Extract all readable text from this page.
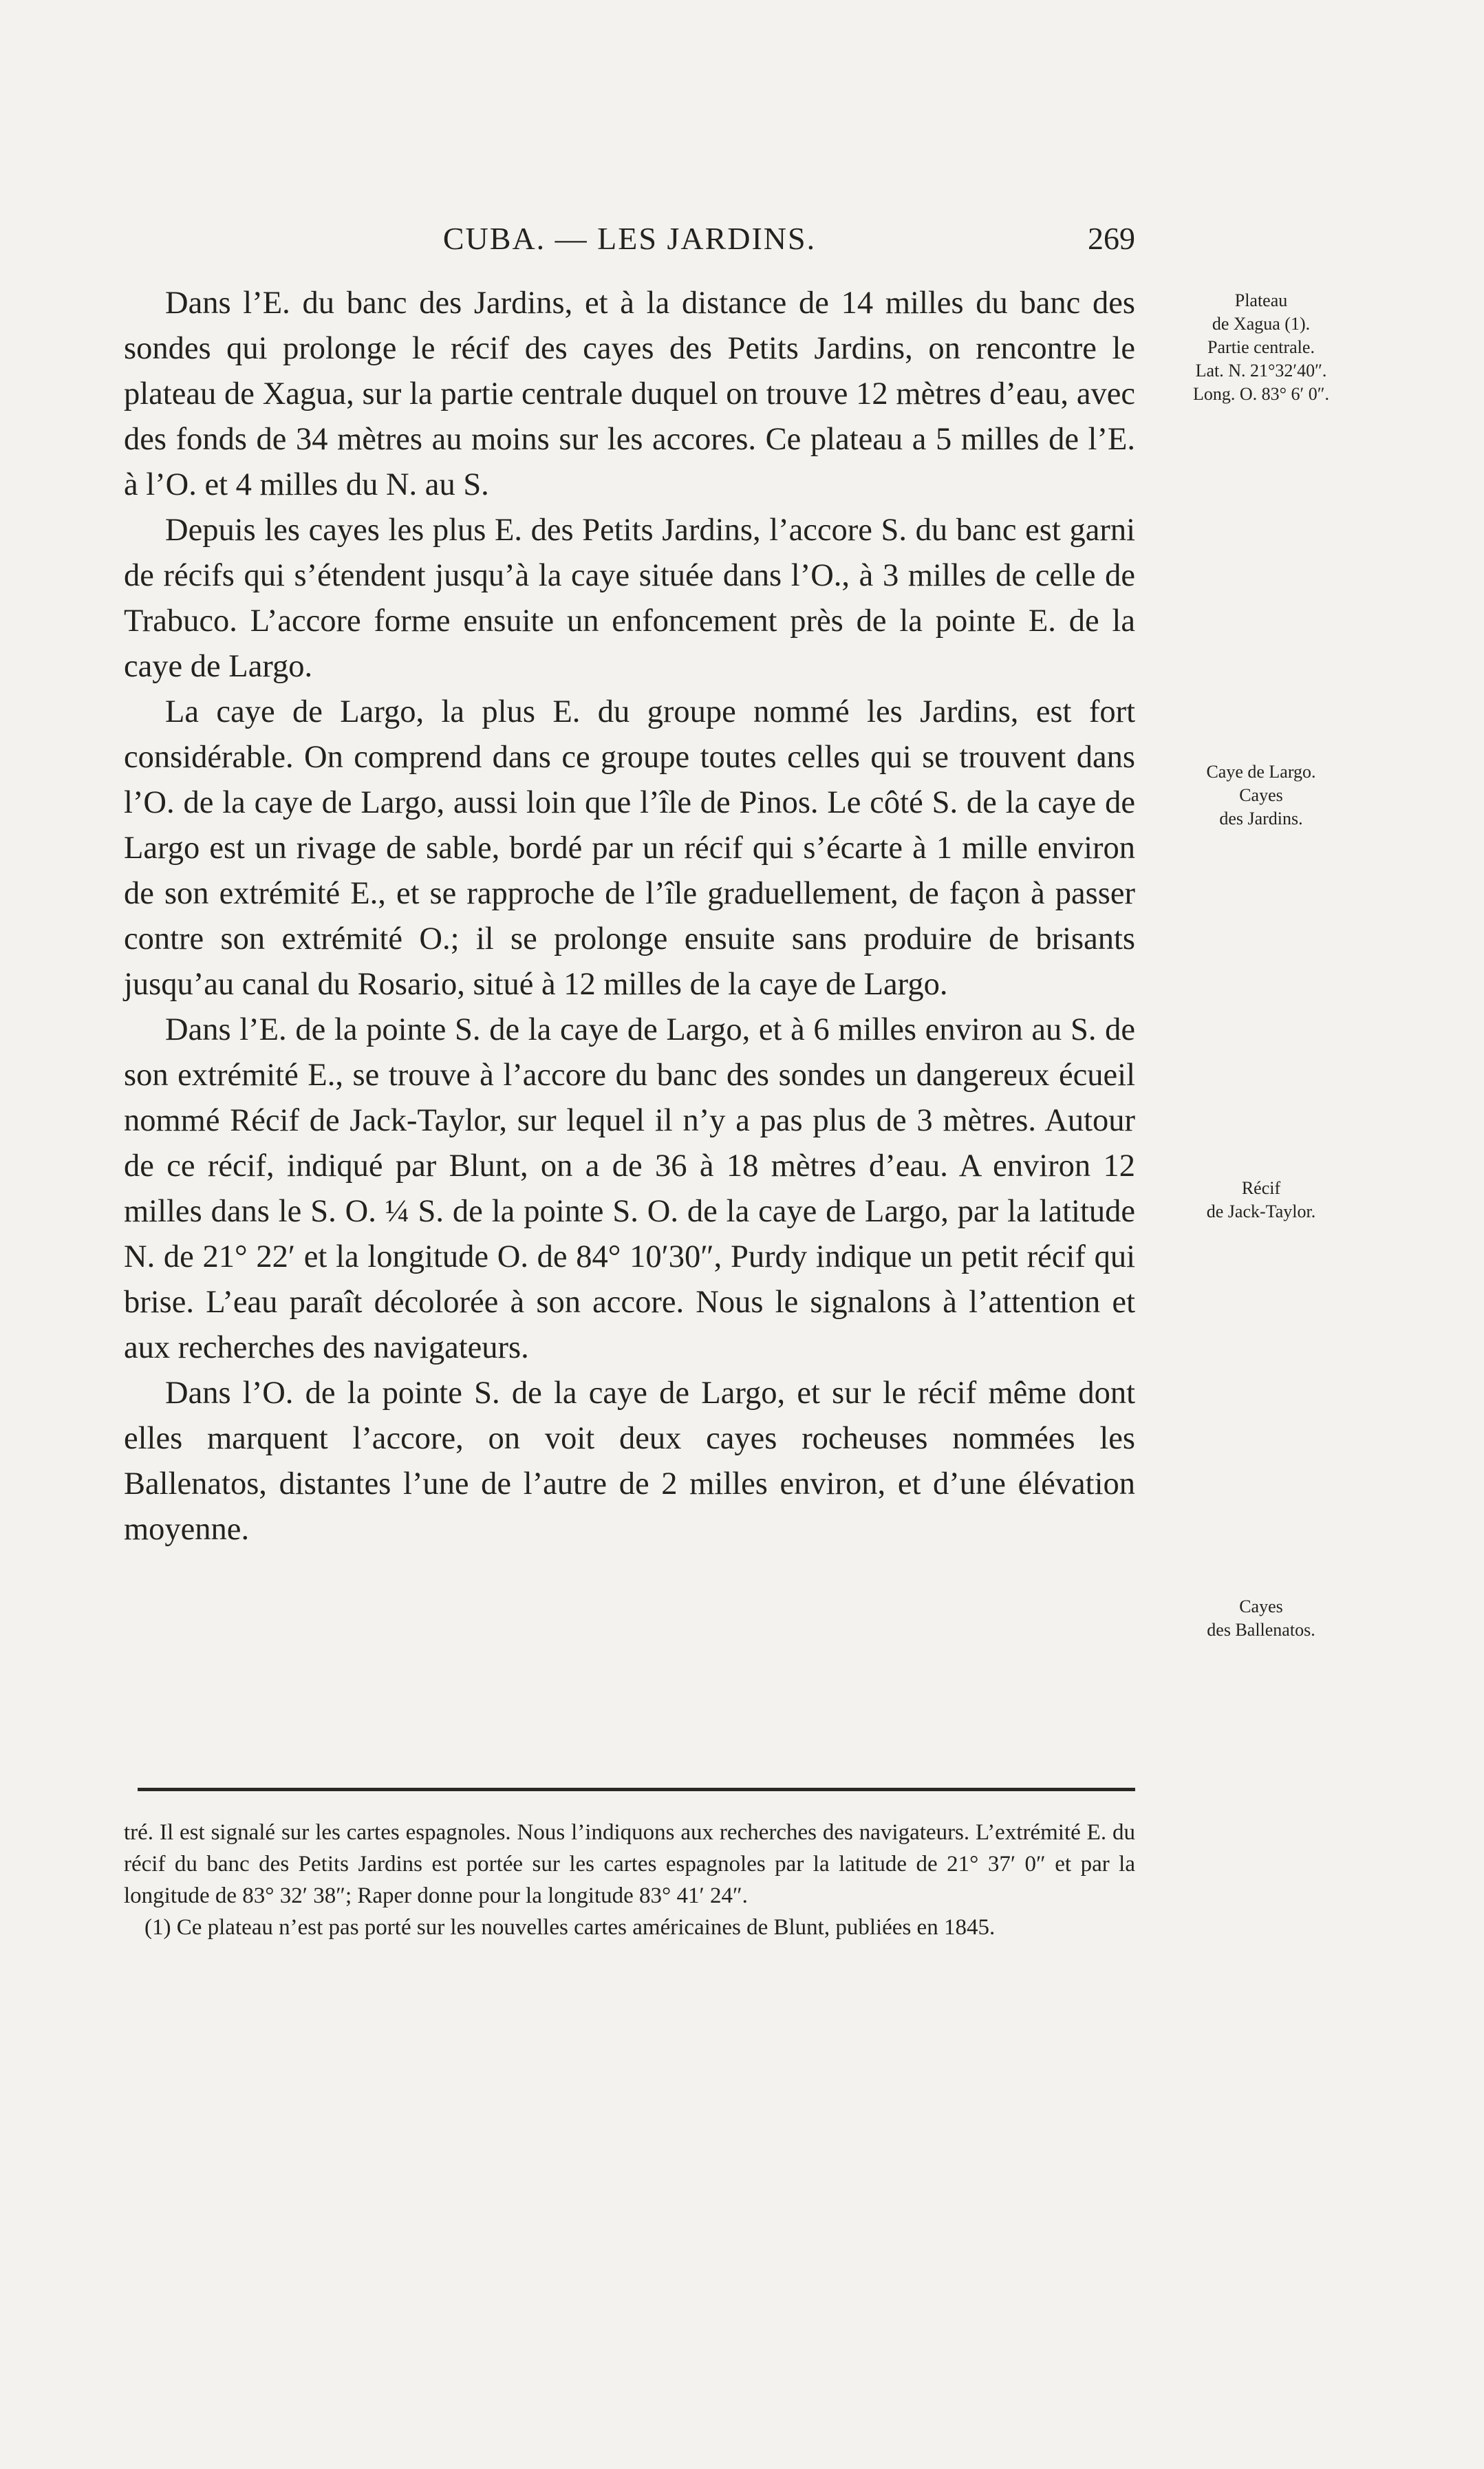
CUBA. — LES JARDINS.	269

Dans l’E. du banc des Jardins, et à la distance de 14 milles du banc des sondes qui prolonge le récif des cayes des Petits Jardins, on rencontre le plateau de Xagua, sur la partie centrale duquel on trouve 12 mètres d’eau, avec des fonds de 34 mètres au moins sur les accores. Ce plateau a 5 milles de l’E. à l’O. et 4 milles du N. au S.

Depuis les cayes les plus E. des Petits Jardins, l’accore S. du banc est garni de récifs qui s’étendent jusqu’à la caye située dans l’O., à 3 milles de celle de Trabuco. L’accore forme ensuite un enfoncement près de la pointe E. de la caye de Largo.

La caye de Largo, la plus E. du groupe nommé les Jardins, est fort considérable. On comprend dans ce groupe toutes celles qui se trouvent dans l’O. de la caye de Largo, aussi loin que l’île de Pinos. Le côté S. de la caye de Largo est un rivage de sable, bordé par un récif qui s’écarte à 1 mille environ de son extrémité E., et se rapproche de l’île graduellement, de façon à passer contre son extrémité O.; il se prolonge ensuite sans produire de brisants jusqu’au canal du Rosario, situé à 12 milles de la caye de Largo.

Dans l’E. de la pointe S. de la caye de Largo, et à 6 milles environ au S. de son extrémité E., se trouve à l’accore du banc des sondes un dangereux écueil nommé Récif de Jack-Taylor, sur lequel il n’y a pas plus de 3 mètres. Autour de ce récif, indiqué par Blunt, on a de 36 à 18 mètres d’eau. A environ 12 milles dans le S. O. ¼ S. de la pointe S. O. de la caye de Largo, par la latitude N. de 21° 22′ et la longitude O. de 84° 10′30″, Purdy indique un petit récif qui brise. L’eau paraît décolorée à son accore. Nous le signalons à l’attention et aux recherches des navigateurs.

Dans l’O. de la pointe S. de la caye de Largo, et sur le récif même dont elles marquent l’accore, on voit deux cayes rocheuses nommées les Ballenatos, distantes l’une de l’autre de 2 milles environ, et d’une élévation moyenne.

Plateau
de Xagua (1).
Partie centrale.
Lat. N. 21°32′40″.
Long. O. 83° 6′ 0″.
Caye de Largo.
Cayes
des Jardins.
Récif
de Jack-Taylor.
Cayes
des Ballenatos.

tré. Il est signalé sur les cartes espagnoles. Nous l’indiquons aux recherches des navigateurs. L’extrémité E. du récif du banc des Petits Jardins est portée sur les cartes espagnoles par la latitude de 21° 37′ 0″ et par la longitude de 83° 32′ 38″; Raper donne pour la longitude 83° 41′ 24″.

(1) Ce plateau n’est pas porté sur les nouvelles cartes américaines de Blunt, publiées en 1845.
